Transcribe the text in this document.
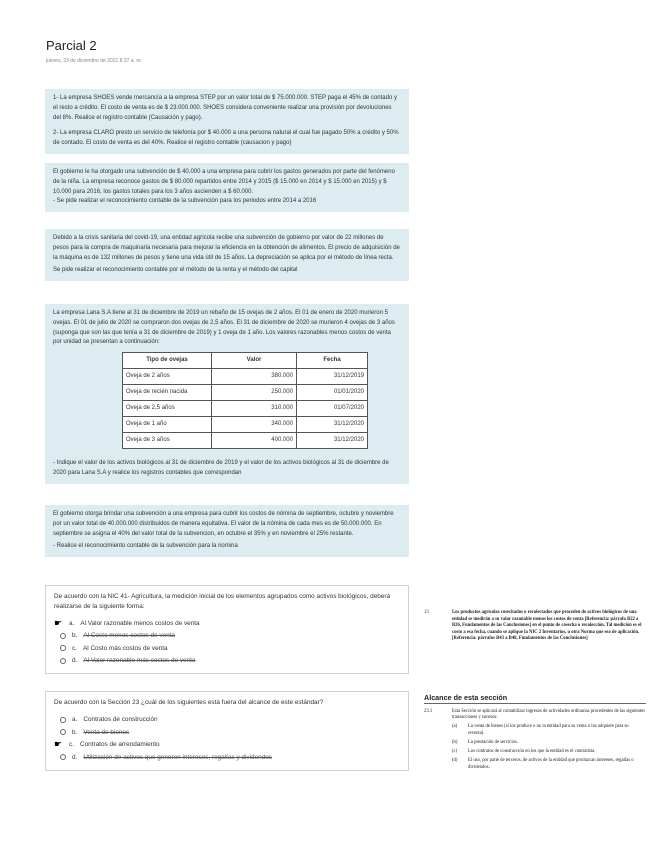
Parcial 2
jueves, 23 de diciembre de 2021 8:37 a. m.

1- La empresa SHOES vende mercancía a la empresa STEP por un valor total de $ 75.000.000. STEP paga el 45% de contado y el resto a crédito. El costo de venta es de $ 23.000.000. SHOES considera conveniente realizar una provisión por devoluciones del 8%. Realice el registro contable (Causación y pago).

2- La empresa CLARO presto un servicio de telefonía por $ 40.000 a una persona natural el cual fue pagado 50% a crédito y 50% de contado. El costo de venta es del 40%. Realice el registro contable (causacion y pago)

El gobierno le ha otorgado una subvención de $ 40.000 a una empresa para cubrir los gastos generados por parte del fenómeno de la niña. La empresa reconoce gastos de $ 80.000 repartidos entre 2014 y 2015 ($ 15.000 en 2014 y $ 15.000 en 2015) y $ 10.000 para 2016, los gastos totales para los 3 años ascienden a $ 60.000.

- Se pide realizar el reconocimiento contable de la subvención para los periodos entre 2014 a 2016

Debido a la crisis sanitaria del covid-19, una entidad agrícola recibe una subvención de gobierno por valor de 22 millones de pesos para la compra de maquinaria necesaria para mejorar la eficiencia en la obtención de alimentos. El precio de adquisición de la máquina es de 132 millones de pesos y tiene una vida útil de 15 años. La depreciación se aplica por el método de línea recta.

Se pide realizar el reconocimiento contable por el método de la renta y el método del capital

La empresa Lana S.A tiene al 31 de diciembre de 2019 un rebaño de 15 ovejas de 2 años. El 01 de enero de 2020 murieron 5 ovejas. El 01 de julio de 2020 se compraron dos ovejas de 2,5 años. El 31 de diciembre de 2020 se murieron 4 ovejas de 3 años (suponga que son las que tenía a 31 de diciembre de 2019) y 1 oveja de 1 año. Los valores razonables menos costos de venta por unidad se presentan a continuación:

Tipo de ovejas	Valor	Fecha
Oveja de 2 años	380.000	31/12/2019
Oveja de recién nacida	250.000	01/01/2020
Oveja de 2,5 años	310.000	01/07/2020
Oveja de 1 año	340.000	31/12/2020
Oveja de 3 años	400.000	31/12/2020

- Indique el valor de los activos biológicos al 31 de diciembre de 2019 y el valor de los activos biológicos al 31 de diciembre de 2020 para Lana S.A y realice los registros contables que correspondan

El gobierno otorga brindar una subvención a una empresa para cubrir los costos de nómina de septiembre, octubre y noviembre por un valor total de 40.000.000 distribuidos de manera equitativa. El valor de la nómina de cada mes es de 50.000.000. En septiembre se asigna el 40% del valor total de la subvencion, en octubre el 35% y en noviembre el 25% restante.

- Realice el reconocimiento contable de la subvención para la nomina

De acuerdo con la NIC 41- Agricultura, la medición inicial de los elementos agrupados como activos biológicos, deberá realizarse de la siguiente forma:
☛	a. Al Valor razonable menos costos de venta
b. Al Costo menos costos de venta
c. Al Costo más costos de venta
d. Al Valor razonable más costos de venta
De acuerdo con la Sección 23 ¿cuál de los siguientes está fuera del alcance de este estándar?
a. Contratos de construcción
b. Venta de bienes
☛	c. Contratos de arrendamiento
d. Utilización de activos que generen intereses, regalías y dividendos
13	Los productos agrícolas cosechados o recolectados que proceden de activos biológicos de una entidad se medirán a su valor razonable menos los costos de venta [Referencia: párrafo B22 a B26, Fundamentos de las Conclusiones] en el punto de cosecha o recolección. Tal medición es el costo a esa fecha, cuando se aplique la NIC 2 Inventarios, u otra Norma que sea de aplicación. [Referencia: párrafos B43 a B48, Fundamentos de las Conclusiones]
Alcance de esta sección
23.1	Esta Sección se aplicará al contabilizar ingresos de actividades ordinarias procedentes de las siguientes transacciones y sucesos:
(a)	La venta de bienes (si los produce o no la entidad para su venta o los adquiere para su reventa).
(b)	La prestación de servicios.
(c)	Los contratos de construcción en los que la entidad es el contratista.
(d)	El uso, por parte de terceros, de activos de la entidad que produzcan intereses, regalías o dividendos.
